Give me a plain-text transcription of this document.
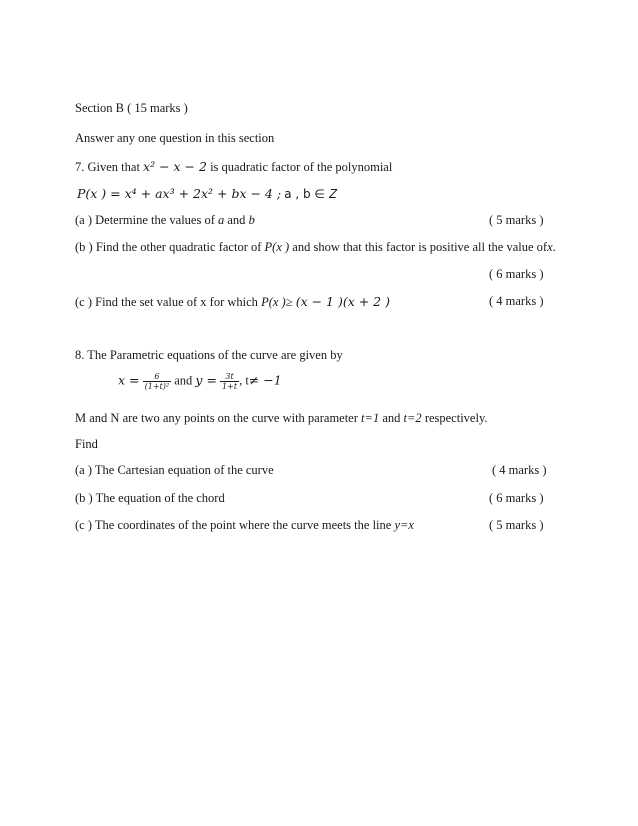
Section B ( 15 marks )
Answer any one question in this section
7. Given that 𝑥² − 𝑥 − 2 is quadratic factor of the polynomial
𝑃(𝑥 ) = 𝑥⁴ + 𝑎𝑥³ + 2𝑥² + 𝑏𝑥 − 4 ; a , b ∈ 𝑍
(a ) Determine the values of a and b	( 5 marks )
(b ) Find the other quadratic factor of P(x ) and show that this factor is positive all the value ofx.
( 6 marks )
(c ) Find the set value of x for which P(x )≥ (𝑥 − 1 )(𝑥 + 2 )	( 4 marks )
8. The Parametric equations of the curve are given by
𝑥 = $\frac{6}{\text{(1+𝑡)²}}$ and 𝑦 = $\frac{\text{3𝑡}}{\text{1+𝑡}}$ , t≠ −1
M and N are two any points on the curve with parameter t=1 and t=2 respectively.
Find
(a ) The Cartesian equation of the curve	( 4 marks )
(b ) The equation of the chord	( 6 marks )
(c ) The coordinates of the point where the curve meets the line y=x	( 5 marks )
